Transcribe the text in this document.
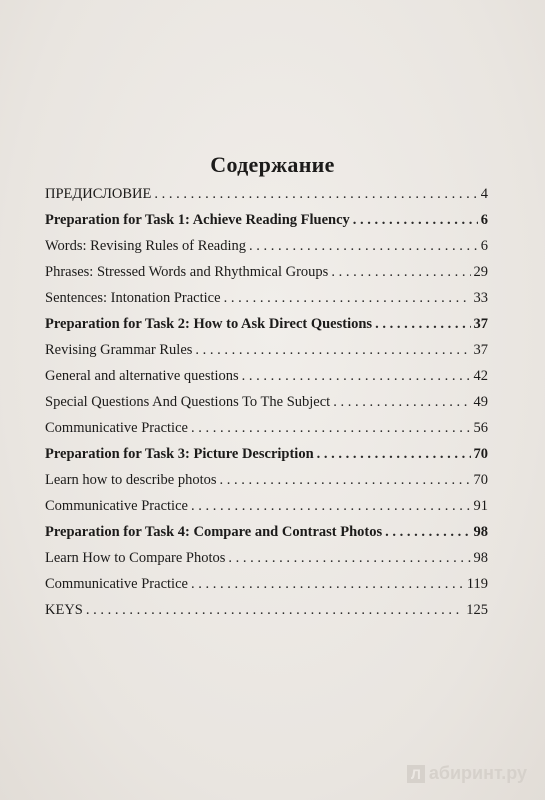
Содержание
ПРЕДИСЛОВИЕ . . .	4
Preparation for Task 1: Achieve Reading Fluency . . .	6
Words: Revising Rules of Reading . . .	6
Phrases: Stressed Words and Rhythmical Groups . . .	29
Sentences: Intonation Practice . . .	33
Preparation for Task 2: How to Ask Direct Questions . . .	37
Revising Grammar Rules . . .	37
General and alternative questions . . .	42
Special Questions And Questions To The Subject . . .	49
Communicative Practice . . .	56
Preparation for Task 3: Picture Description . . .	70
Learn how to describe photos . . .	70
Communicative Practice . . .	91
Preparation for Task 4: Compare and Contrast Photos . . .	98
Learn How to Compare Photos . . .	98
Communicative Practice . . .	119
KEYS . . .	125
Л абиринт.ру
